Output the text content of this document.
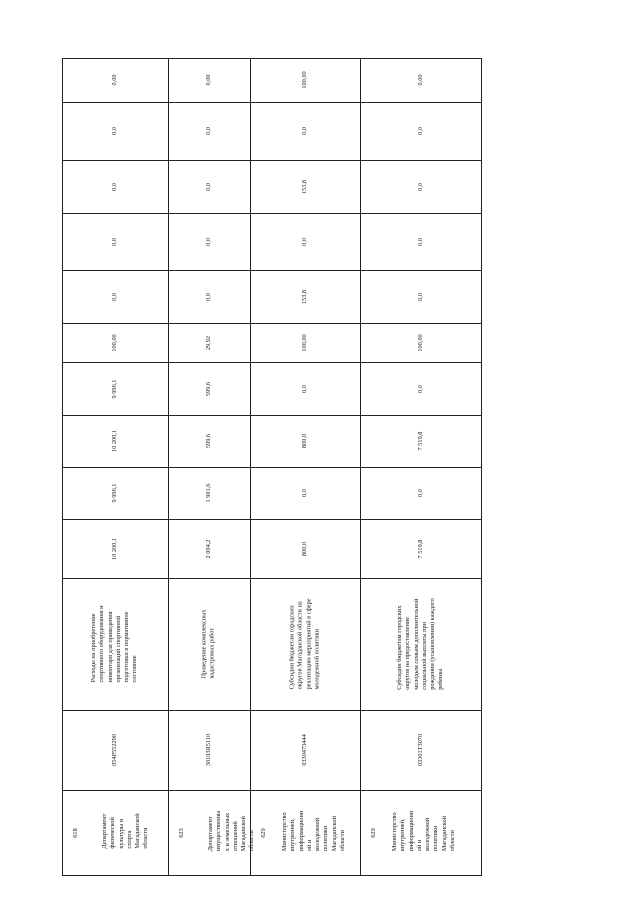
618	Департамент
физической
культуры и
спорта
Магаданской
области
054Р552290
Расходы на приобретение
спортивного оборудования и
инвентаря для приведения
организаций спортивной
подготовки в нормативное
состояние
10 200,1
9 996,1
10 200,1
9 996,1
100,00
0,0
0,0
0,0
0,0
0,00
623	Департамент
имущественны
х и земельных
отношений
Магаданской
области
30103R5110
Проведение комплексных
кадастровых работ
2 004,2
1 901,6
599,6
599,6
29,92
0,0
0,0
0,0
0,0
0,00
629 Министерство
внутренней,
информационн
ой и
молодежной
политики
Магаданской
области
0330473444
Субсидии бюджетам городских
округов Магаданской области на
реализацию мероприятий в сфере
молодежной политики
800,0
0,0
800,0
0,0
100,00
153,8
0,0
153,8
0,0
100,00
629 Министерство
внутренней,
информационн
ой и
молодежной
политики
Магаданской
области
03301Т3070
Субсидии бюджетам городских
округов на предоставление
молодым семьям дополнительной
социальной выплаты при
рождении (усыновлении) каждого
ребенка
7 519,8
0,0
7 519,8
0,0
100,00
0,0
0,0
0,0
0,0
0,00
